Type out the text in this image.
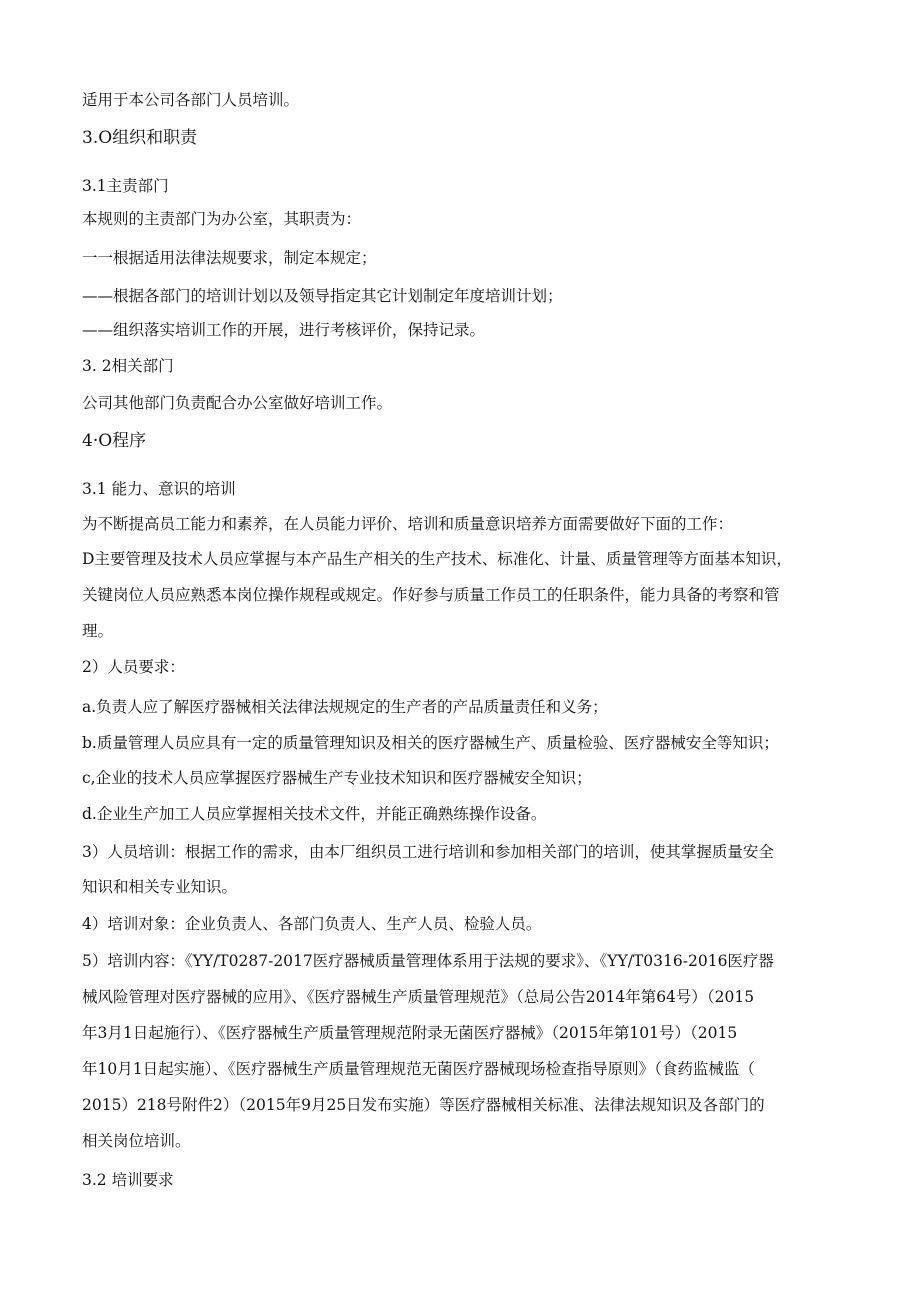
适用于本公司各部门人员培训。
3.O组织和职责
3.1主责部门
本规则的主责部门为办公室，其职责为：
一一根据适用法律法规要求，制定本规定；
——根据各部门的培训计划以及领导指定其它计划制定年度培训计划；
——组织落实培训工作的开展，进行考核评价，保持记录。
3. 2相关部门
公司其他部门负责配合办公室做好培训工作。
4·O程序
3.1 能力、意识的培训
为不断提高员工能力和素养，在人员能力评价、培训和质量意识培养方面需要做好下面的工作：
D主要管理及技术人员应掌握与本产品生产相关的生产技术、标准化、计量、质量管理等方面基本知识，
关键岗位人员应熟悉本岗位操作规程或规定。作好参与质量工作员工的任职条件，能力具备的考察和管
理。
2）人员要求：
a.负责人应了解医疗器械相关法律法规规定的生产者的产品质量责任和义务；
b.质量管理人员应具有一定的质量管理知识及相关的医疗器械生产、质量检验、医疗器械安全等知识；
c,企业的技术人员应掌握医疗器械生产专业技术知识和医疗器械安全知识；
d.企业生产加工人员应掌握相关技术文件，并能正确熟练操作设备。
3）人员培训：根据工作的需求，由本厂组织员工进行培训和参加相关部门的培训，使其掌握质量安全
知识和相关专业知识。
4）培训对象：企业负责人、各部门负责人、生产人员、检验人员。
5）培训内容：《YY/T0287-2017医疗器械质量管理体系用于法规的要求》、《YY/T0316-2016医疗器
械风险管理对医疗器械的应用》、《医疗器械生产质量管理规范》（总局公告2014年第64号）（2015
年3月1日起施行）、《医疗器械生产质量管理规范附录无菌医疗器械》（2015年第101号）（2015
年10月1日起实施）、《医疗器械生产质量管理规范无菌医疗器械现场检查指导原则》（食药监械监（
2015）218号附件2）（2015年9月25日发布实施）等医疗器械相关标准、法律法规知识及各部门的
相关岗位培训。
3.2 培训要求
